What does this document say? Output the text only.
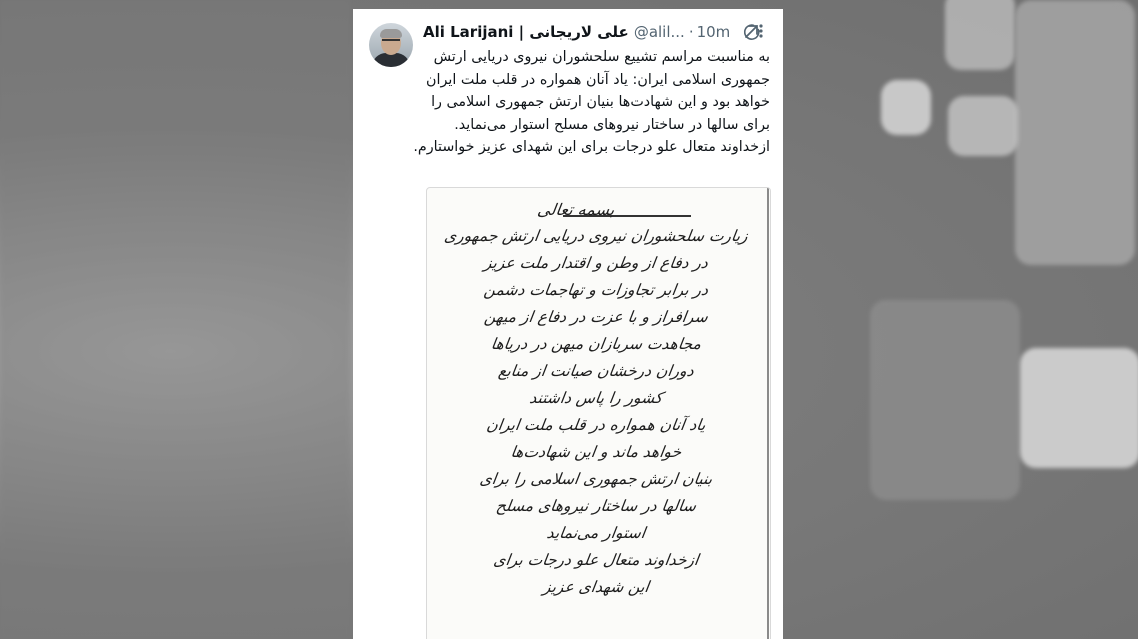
Ali Larijani | علی لاریجانی @alil... · 10m
به مناسبت مراسم تشییع سلحشوران نیروی دریایی ارتش جمهوری اسلامی ایران: یاد آنان همواره در قلب ملت ایران خواهد بود و این شهادت‌ها بنیان ارتش جمهوری اسلامی را برای سالها در ساختار نیروهای مسلح استوار می‌نماید. ازخداوند متعال علو درجات برای این شهدای عزیز خواستارم.
بسمه تعالی
زیارت سلحشوران نیروی دریایی ارتش جمهوری
در دفاع از وطن و اقتدار ملت عزیز
در برابر تجاوزات و تهاجمات دشمن
سرافراز و با عزت در دفاع از میهن
مجاهدت سربازان میهن در دریاها
دوران درخشان صیانت از منابع
کشور را پاس داشتند
یاد آنان همواره در قلب ملت ایران
خواهد ماند و این شهادت‌ها
بنیان ارتش جمهوری اسلامی را برای
سالها در ساختار نیروهای مسلح
استوار می‌نماید
ازخداوند متعال علو درجات برای
این شهدای عزیز
